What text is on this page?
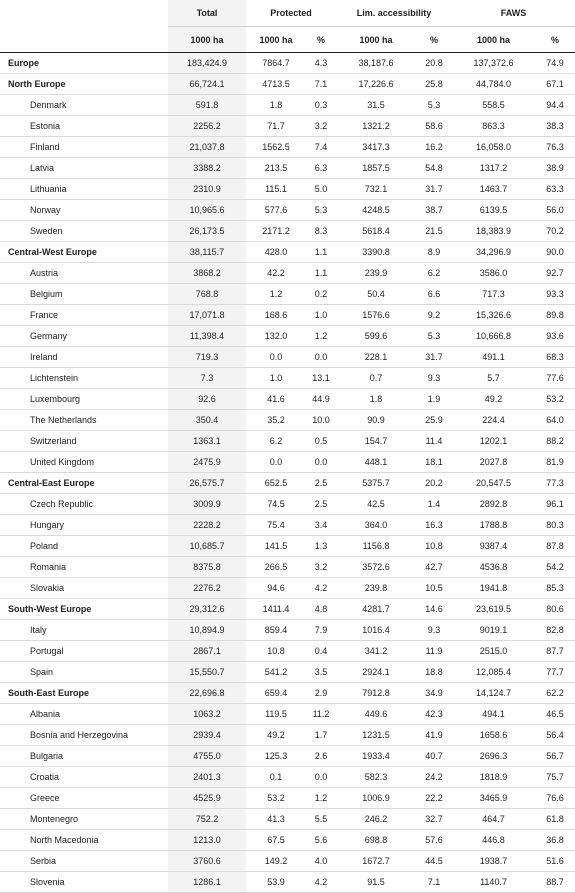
	Total	Protected		Lim. accessibility		FAWS	
	1000 ha	1000 ha	%	1000 ha	%	1000 ha	%
Europe	183,424.9	7864.7	4.3	38,187.6	20.8	137,372.6	74.9
North Europe	66,724.1	4713.5	7.1	17,226.6	25.8	44,784.0	67.1
Denmark	591.8	1.8	0.3	31.5	5.3	558.5	94.4
Estonia	2256.2	71.7	3.2	1321.2	58.6	863.3	38.3
Finland	21,037.8	1562.5	7.4	3417.3	16.2	16,058.0	76.3
Latvia	3388.2	213.5	6.3	1857.5	54.8	1317.2	38.9
Lithuania	2310.9	115.1	5.0	732.1	31.7	1463.7	63.3
Norway	10,965.6	577.6	5.3	4248.5	38.7	6139.5	56.0
Sweden	26,173.5	2171.2	8.3	5618.4	21.5	18,383.9	70.2
Central-West Europe	38,115.7	428.0	1.1	3390.8	8.9	34,296.9	90.0
Austria	3868.2	42.2	1.1	239.9	6.2	3586.0	92.7
Belgium	768.8	1.2	0.2	50.4	6.6	717.3	93.3
France	17,071.8	168.6	1.0	1576.6	9.2	15,326.6	89.8
Germany	11,398.4	132.0	1.2	599.6	5.3	10,666.8	93.6
Ireland	719.3	0.0	0.0	228.1	31.7	491.1	68.3
Lichtenstein	7.3	1.0	13.1	0.7	9.3	5.7	77.6
Luxembourg	92.6	41.6	44.9	1.8	1.9	49.2	53.2
The Netherlands	350.4	35.2	10.0	90.9	25.9	224.4	64.0
Switzerland	1363.1	6.2	0.5	154.7	11.4	1202.1	88.2
United Kingdom	2475.9	0.0	0.0	448.1	18.1	2027.8	81.9
Central-East Europe	26,575.7	652.5	2.5	5375.7	20.2	20,547.5	77.3
Czech Republic	3009.9	74.5	2.5	42.5	1.4	2892.8	96.1
Hungary	2228.2	75.4	3.4	364.0	16.3	1788.8	80.3
Poland	10,685.7	141.5	1.3	1156.8	10.8	9387.4	87.8
Romania	8375.8	266.5	3.2	3572.6	42.7	4536.8	54.2
Slovakia	2276.2	94.6	4.2	239.8	10.5	1941.8	85.3
South-West Europe	29,312.6	1411.4	4.8	4281.7	14.6	23,619.5	80.6
Italy	10,894.9	859.4	7.9	1016.4	9.3	9019.1	82.8
Portugal	2867.1	10.8	0.4	341.2	11.9	2515.0	87.7
Spain	15,550.7	541.2	3.5	2924.1	18.8	12,085.4	77.7
South-East Europe	22,696.8	659.4	2.9	7912.8	34.9	14,124.7	62.2
Albania	1063.2	119.5	11.2	449.6	42.3	494.1	46.5
Bosnia and Herzegovina	2939.4	49.2	1.7	1231.5	41.9	1658.6	56.4
Bulgaria	4755.0	125.3	2.6	1933.4	40.7	2696.3	56.7
Croatia	2401.3	0.1	0.0	582.3	24.2	1818.9	75.7
Greece	4525.9	53.2	1.2	1006.9	22.2	3465.9	76.6
Montenegro	752.2	41.3	5.5	246.2	32.7	464.7	61.8
North Macedonia	1213.0	67.5	5.6	698.8	57.6	446.8	36.8
Serbia	3760.6	149.2	4.0	1672.7	44.5	1938.7	51.6
Slovenia	1286.1	53.9	4.2	91.5	7.1	1140.7	88.7
